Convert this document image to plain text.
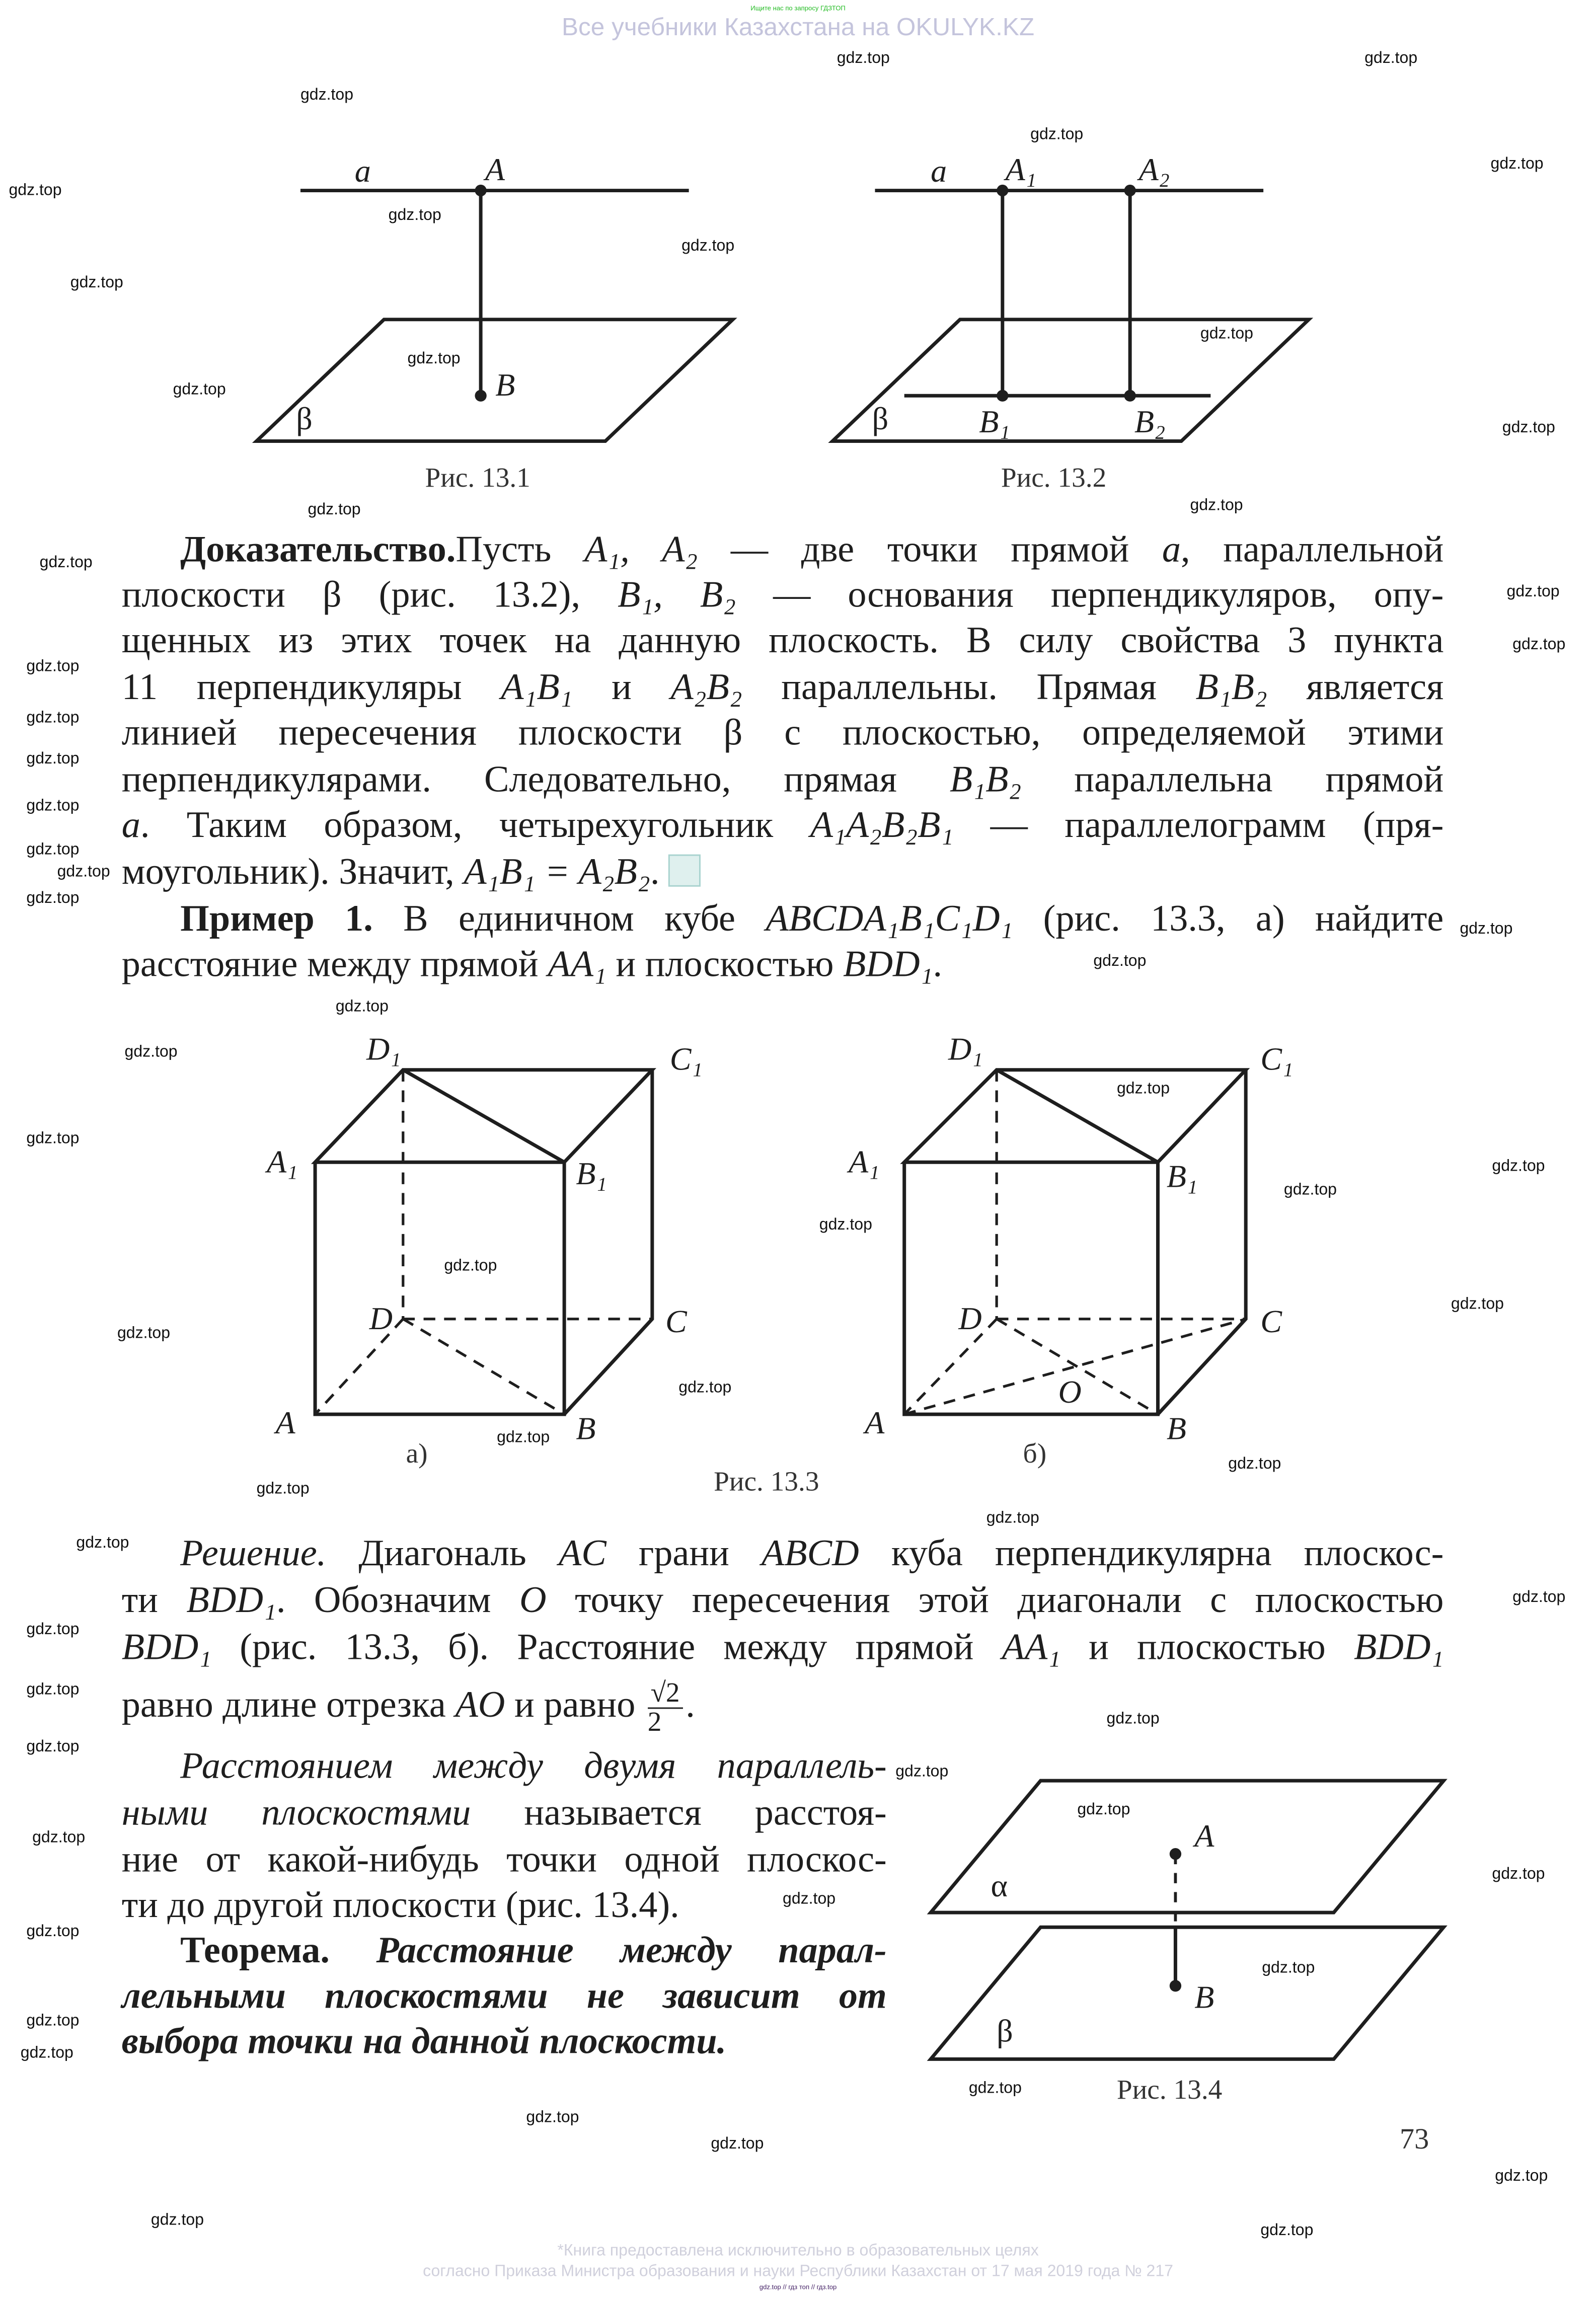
Ищите нас по запросу ГДЗТОП
Все учебники Казахстана на OKULYK.KZ
a	A
B
β
Рис. 13.1
a	A₁	A₂
B₁	B₂
β
Рис. 13.2
D₁	C₁
A₁	B₁
D	C
A	B
а)
D₁	C₁
A₁	B₁
D	C
O
A	B
б)
Рис. 13.3
α
β
A
B
Рис. 13.4
Доказательство.Пусть A₁, A₂ — две точки прямой a, параллельной
плоскости β (рис. 13.2), B₁, B₂ — основания перпендикуляров, опу-
щенных из этих точек на данную плоскость. В силу свойства 3 пункта
11 перпендикуляры A₁B₁ и A₂B₂ параллельны. Прямая B₁B₂ является
линией пересечения плоскости β с плоскостью, определяемой этими
перпендикулярами. Следовательно, прямая B₁B₂ параллельна прямой
a. Таким образом, четырехугольник A₁A₂B₂B₁ — параллелограмм (пря-
моугольник). Значит, A₁B₁ = A₂B₂.
Пример 1. В единичном кубе ABCDA₁B₁C₁D₁ (рис. 13.3, а) найдите
расстояние между прямой AA₁ и плоскостью BDD₁.
Решение. Диагональ AC грани ABCD куба перпендикулярна плоскос-
ти BDD₁. Обозначим O точку пересечения этой диагонали с плоскостью
BDD₁ (рис. 13.3, б). Расстояние между прямой AA₁ и плоскостью BDD₁
равно длине отрезка AO и равно $\frac{√2}{2}$ .
Расстоянием между двумя параллель-
ными плоскостями называется расстоя-
ние от какой-нибудь точки одной плоскос-
ти до другой плоскости (рис. 13.4).
Теорема. Расстояние между парал-
лельными плоскостями не зависит от
выбора точки на данной плоскости.
73
*Книга предоставлена исключительно в образовательных целях
согласно Приказа Министра образования и науки Республики Казахстан от 17 мая 2019 года № 217
gdz.top // гдз топ // гдз.top
gdz.top
gdz.top
gdz.top
gdz.top
gdz.top
gdz.top
gdz.top
gdz.top
gdz.top
gdz.top
gdz.top
gdz.top
gdz.top
gdz.top
gdz.top
gdz.top
gdz.top
gdz.top
gdz.top
gdz.top
gdz.top
gdz.top
gdz.top
gdz.top
gdz.top
gdz.top
gdz.top
gdz.top
gdz.top
gdz.top
gdz.top
gdz.top
gdz.top
gdz.top
gdz.top
gdz.top
gdz.top
gdz.top
gdz.top
gdz.top
gdz.top
gdz.top
gdz.top
gdz.top
gdz.top
gdz.top
gdz.top
gdz.top
gdz.top
gdz.top
gdz.top
gdz.top
gdz.top
gdz.top
gdz.top
gdz.top
gdz.top
gdz.top
gdz.top
gdz.top
gdz.top
gdz.top
gdz.top
